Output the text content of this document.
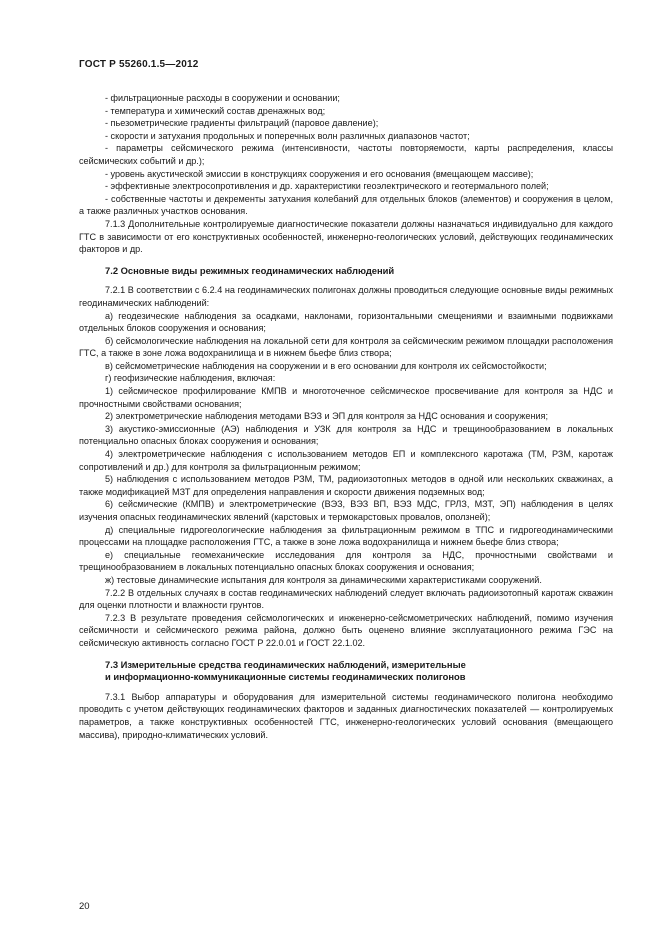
ГОСТ Р 55260.1.5—2012

- фильтрационные расходы в сооружении и основании;

- температура и химический состав дренажных вод;

- пьезометрические градиенты фильтраций (паровое давление);

- скорости и затухания продольных и поперечных волн различных диапазонов частот;

- параметры сейсмического режима (интенсивности, частоты повторяемости, карты распределения, классы сейсмических событий и др.);

- уровень акустической эмиссии в конструкциях сооружения и его основания (вмещающем массиве);

- эффективные электросопротивления и др. характеристики геоэлектрического и геотермального полей;

- собственные частоты и декременты затухания колебаний для отдельных блоков (элементов) и сооружения в целом, а также различных участков основания.

7.1.3 Дополнительные контролируемые диагностические показатели должны назначаться индивидуально для каждого ГТС в зависимости от его конструктивных особенностей, инженерно-геологических условий, действующих геодинамических факторов и др.

7.2 Основные виды режимных геодинамических наблюдений

7.2.1 В соответствии с 6.2.4 на геодинамических полигонах должны проводиться следующие основные виды режимных геодинамических наблюдений:

а) геодезические наблюдения за осадками, наклонами, горизонтальными смещениями и взаимными подвижками отдельных блоков сооружения и основания;

б) сейсмологические наблюдения на локальной сети для контроля за сейсмическим режимом площадки расположения ГТС, а также в зоне ложа водохранилища и в нижнем бьефе близ створа;

в) сейсмометрические наблюдения на сооружении и в его основании для контроля их сейсмостойкости;

г) геофизические наблюдения, включая:

1) сейсмическое профилирование КМПВ и многоточечное сейсмическое просвечивание для контроля за НДС и прочностными свойствами основания;

2) электрометрические наблюдения методами ВЭЗ и ЭП для контроля за НДС основания и сооружения;

3) акустико-эмиссионные (АЭ) наблюдения и УЗК для контроля за НДС и трещинообразованием в локальных потенциально опасных блоках сооружения и основания;

4) электрометрические наблюдения с использованием методов ЕП и комплексного каротажа (ТМ, РЗМ, каротаж сопротивлений и др.) для контроля за фильтрационным режимом;

5) наблюдения с использованием методов РЗМ, ТМ, радиоизотопных методов в одной или нескольких скважинах, а также модификацией МЗТ для определения направления и скорости движения подземных вод;

6) сейсмические (КМПВ) и электрометрические (ВЭЗ, ВЭЗ ВП, ВЭЗ МДС, ГРЛЗ, МЗТ, ЭП) наблюдения в целях изучения опасных геодинамических явлений (карстовых и термокарстовых провалов, оползней);

д) специальные гидрогеологические наблюдения за фильтрационным режимом в ТПС и гидрогеодинамическими процессами на площадке расположения ГТС, а также в зоне ложа водохранилища и нижнем бьефе близ створа;

е) специальные геомеханические исследования для контроля за НДС, прочностными свойствами и трещинообразованием в локальных потенциально опасных блоках сооружения и основания;

ж) тестовые динамические испытания для контроля за динамическими характеристиками сооружений.

7.2.2 В отдельных случаях в состав геодинамических наблюдений следует включать радиоизотопный каротаж скважин для оценки плотности и влажности грунтов.

7.2.3 В результате проведения сейсмологических и инженерно-сейсмометрических наблюдений, помимо изучения сейсмичности и сейсмического режима района, должно быть оценено влияние эксплуатационного режима ГЭС на сейсмическую активность согласно ГОСТ Р 22.0.01 и ГОСТ 22.1.02.

7.3 Измерительные средства геодинамических наблюдений, измерительные
и информационно-коммуникационные системы геодинамических полигонов

7.3.1 Выбор аппаратуры и оборудования для измерительной системы геодинамического полигона необходимо проводить с учетом действующих геодинамических факторов и заданных диагностических показателей — контролируемых параметров, а также конструктивных особенностей ГТС, инженерно-геологических условий основания (вмещающего массива), природно-климатических условий.

20
